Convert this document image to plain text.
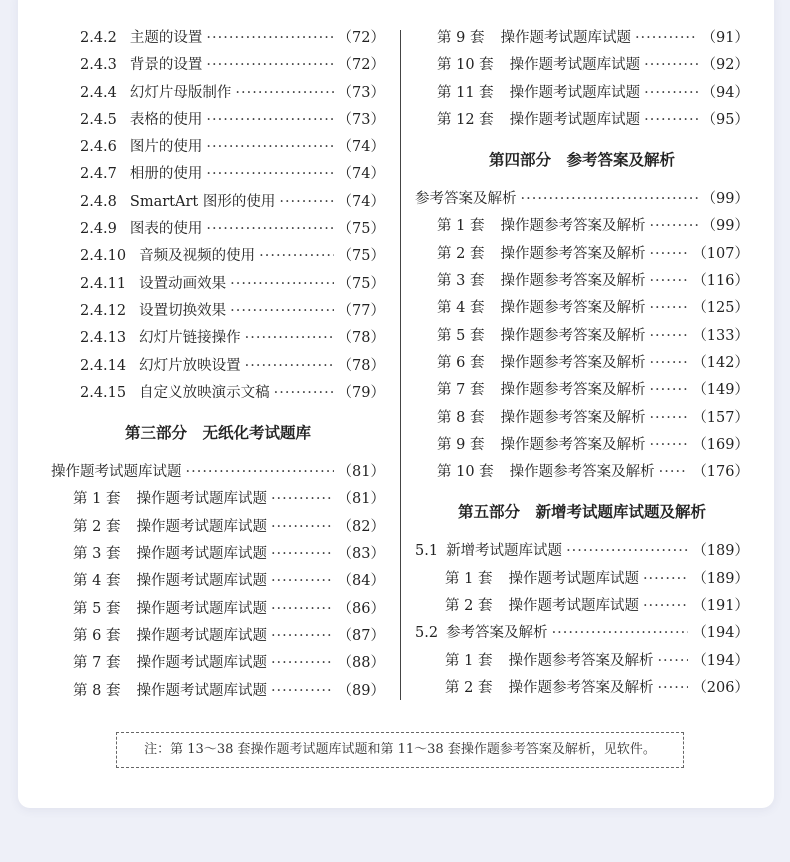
2.4.2 主题的设置 ·····	（72）
2.4.3 背景的设置 ·····	（72）
2.4.4 幻灯片母版制作 ·····	（73）
2.4.5 表格的使用 ·····	（73）
2.4.6 图片的使用 ·····	（74）
2.4.7 相册的使用 ·····	（74）
2.4.8 SmartArt 图形的使用 ·····	（74）
2.4.9 图表的使用 ·····	（75）
2.4.10 音频及视频的使用 ·····	（75）
2.4.11 设置动画效果 ·····	（75）
2.4.12 设置切换效果 ·····	（77）
2.4.13 幻灯片链接操作 ·····	（78）
2.4.14 幻灯片放映设置 ·····	（78）
2.4.15 自定义放映演示文稿 ·····	（79）
第三部分　无纸化考试题库
操作题考试题库试题 ·····	（81）
第 1 套 操作题考试题库试题 ·····	（81）
第 2 套 操作题考试题库试题 ·····	（82）
第 3 套 操作题考试题库试题 ·····	（83）
第 4 套 操作题考试题库试题 ·····	（84）
第 5 套 操作题考试题库试题 ·····	（86）
第 6 套 操作题考试题库试题 ·····	（87）
第 7 套 操作题考试题库试题 ·····	（88）
第 8 套 操作题考试题库试题 ·····	（89）
第 9 套 操作题考试题库试题 ·····	（91）
第 10 套 操作题考试题库试题 ·····	（92）
第 11 套 操作题考试题库试题 ·····	（94）
第 12 套 操作题考试题库试题 ·····	（95）
第四部分　参考答案及解析
参考答案及解析 ·····	（99）
第 1 套 操作题参考答案及解析 ·····	（99）
第 2 套 操作题参考答案及解析 ·····	（107）
第 3 套 操作题参考答案及解析 ·····	（116）
第 4 套 操作题参考答案及解析 ·····	（125）
第 5 套 操作题参考答案及解析 ·····	（133）
第 6 套 操作题参考答案及解析 ·····	（142）
第 7 套 操作题参考答案及解析 ·····	（149）
第 8 套 操作题参考答案及解析 ·····	（157）
第 9 套 操作题参考答案及解析 ·····	（169）
第 10 套 操作题参考答案及解析 ·····	（176）
第五部分　新增考试题库试题及解析
5.1 新增考试题库试题 ·····	（189）
第 1 套 操作题考试题库试题 ·····	（189）
第 2 套 操作题考试题库试题 ·····	（191）
5.2 参考答案及解析 ·····	（194）
第 1 套 操作题参考答案及解析 ·····	（194）
第 2 套 操作题参考答案及解析 ·····	（206）
注：第 13～38 套操作题考试题库试题和第 11～38 套操作题参考答案及解析，见软件。
